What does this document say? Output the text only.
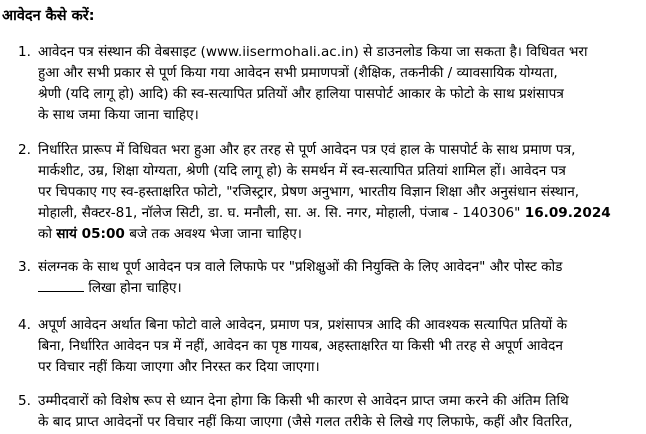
आवेदन कैसे करें:
1. आवेदन पत्र संस्थान की वेबसाइट (www.iisermohali.ac.in) से डाउनलोड किया जा सकता है। विधिवत भरा
हुआ और सभी प्रकार से पूर्ण किया गया आवेदन सभी प्रमाणपत्रों (शैक्षिक, तकनीकी / व्यावसायिक योग्यता,
श्रेणी (यदि लागू हो) आदि) की स्व-सत्यापित प्रतियों और हालिया पासपोर्ट आकार के फोटो के साथ प्रशंसापत्र
के साथ जमा किया जाना चाहिए।
2. निर्धारित प्रारूप में विधिवत भरा हुआ और हर तरह से पूर्ण आवेदन पत्र एवं हाल के पासपोर्ट के साथ प्रमाण पत्र,
मार्कशीट, उम्र, शिक्षा योग्यता, श्रेणी (यदि लागू हो) के समर्थन में स्व-सत्यापित प्रतियां शामिल हों। आवेदन पत्र
पर चिपकाए गए स्व-हस्ताक्षरित फोटो, "रजिस्ट्रार, प्रेषण अनुभाग, भारतीय विज्ञान शिक्षा और अनुसंधान संस्थान,
मोहाली, सैक्टर-81, नॉलेज सिटी, डा. घ. मनौली, सा. अ. सि. नगर, मोहाली, पंजाब - 140306" 16.09.2024
को सायं 05:00 बजे तक अवश्य भेजा जाना चाहिए।
3. संलग्नक के साथ पूर्ण आवेदन पत्र वाले लिफाफे पर "प्रशिक्षुओं की नियुक्ति के लिए आवेदन" और पोस्ट कोड
लिखा होना चाहिए।
4. अपूर्ण आवेदन अर्थात बिना फोटो वाले आवेदन, प्रमाण पत्र, प्रशंसापत्र आदि की आवश्यक सत्यापित प्रतियों के
बिना, निर्धारित आवेदन पत्र में नहीं, आवेदन का पृष्ठ गायब, अहस्ताक्षरित या किसी भी तरह से अपूर्ण आवेदन
पर विचार नहीं किया जाएगा और निरस्त कर दिया जाएगा।
5. उम्मीदवारों को विशेष रूप से ध्यान देना होगा कि किसी भी कारण से आवेदन प्राप्त जमा करने की अंतिम तिथि
के बाद प्राप्त आवेदनों पर विचार नहीं किया जाएगा (जैसे गलत तरीके से लिखे गए लिफाफे, कहीं और वितरित,
